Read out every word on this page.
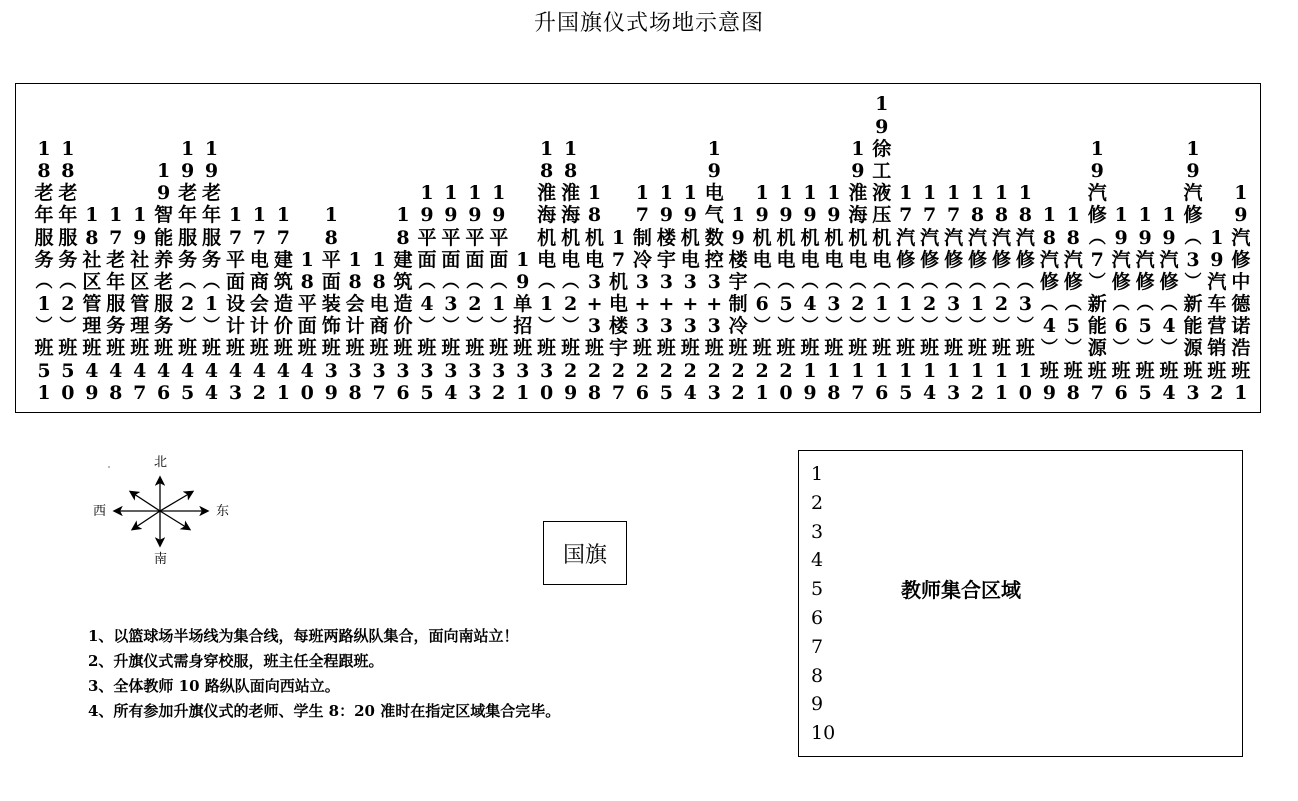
升国旗仪式场地示意图
1
8
老
年
服
务
︵
1
︶
班
5
1
1
8
老
年
服
务
︵
2
︶
班
5
0
1
8
社
区
管
理
班
4
9
1
7
老
年
服
务
班
4
8
1
9
社
区
管
理
班
4
7
1
9
智
能
养
老
服
务
班
4
6
1
9
老
年
服
务
︵
2
︶
班
4
5
1
9
老
年
服
务
︵
1
︶
班
4
4
1
7
平
面
设
计
班
4
3
1
7
电
商
会
计
班
4
2
1
7
建
筑
造
价
班
4
1
1
8
平
面
班
4
0
1
8
平
面
装
饰
班
3
9
1
8
会
计
班
3
8
1
8
电
商
班
3
7
1
8
建
筑
造
价
班
3
6
1
9
平
面
︵
4
︶
班
3
5
1
9
平
面
︵
3
︶
班
3
4
1
9
平
面
︵
2
︶
班
3
3
1
9
平
面
︵
1
︶
班
3
2
1
9
单
招
班
3
1
1
8
淮
海
机
电
︵
1
︶
班
3
0
1
8
淮
海
机
电
︵
2
︶
班
2
9
1
8
机
电
3
+
3
班
2
8
1
7
机
电
楼
宇
2
7
1
7
制
冷
3
+
3
班
2
6
1
9
楼
宇
3
+
3
班
2
5
1
9
机
电
3
+
3
班
2
4
1
9
电
气
数
控
3
+
3
班
2
3
1
9
楼
宇
制
冷
班
2
2
1
9
机
电
︵
6
︶
班
2
1
1
9
机
电
︵
5
︶
班
2
0
1
9
机
电
︵
4
︶
班
1
9
1
9
机
电
︵
3
︶
班
1
8
1
9
淮
海
机
电
︵
2
︶
班
1
7
1
9
徐
工
液
压
机
电
︵
1
︶
班
1
6
1
7
汽
修
︵
1
︶
班
1
5
1
7
汽
修
︵
2
︶
班
1
4
1
7
汽
修
︵
3
︶
班
1
3
1
8
汽
修
︵
1
︶
班
1
2
1
8
汽
修
︵
2
︶
班
1
1
1
8
汽
修
︵
3
︶
班
1
0
1
8
汽
修
︵
4
︶
班
9
1
8
汽
修
︵
5
︶
班
8
1
9
汽
修
︵
7
︶
新
能
源
班
7
1
9
汽
修
︵
6
︶
班
6
1
9
汽
修
︵
5
︶
班
5
1
9
汽
修
︵
4
︶
班
4
1
9
汽
修
︵
3
︶
新
能
源
班
3
1
9
汽
车
营
销
班
2
1
9
汽
修
中
德
诺
浩
班
1
北
南
东
西
国旗
1、以篮球场半场线为集合线，每班两路纵队集合，面向南站立！
2、升旗仪式需身穿校服，班主任全程跟班。
3、全体教师 10 路纵队面向西站立。
4、所有参加升旗仪式的老师、学生 8：20 准时在指定区域集合完毕。
1
2
3
4
5
6
7
8
9
10
教师集合区域
